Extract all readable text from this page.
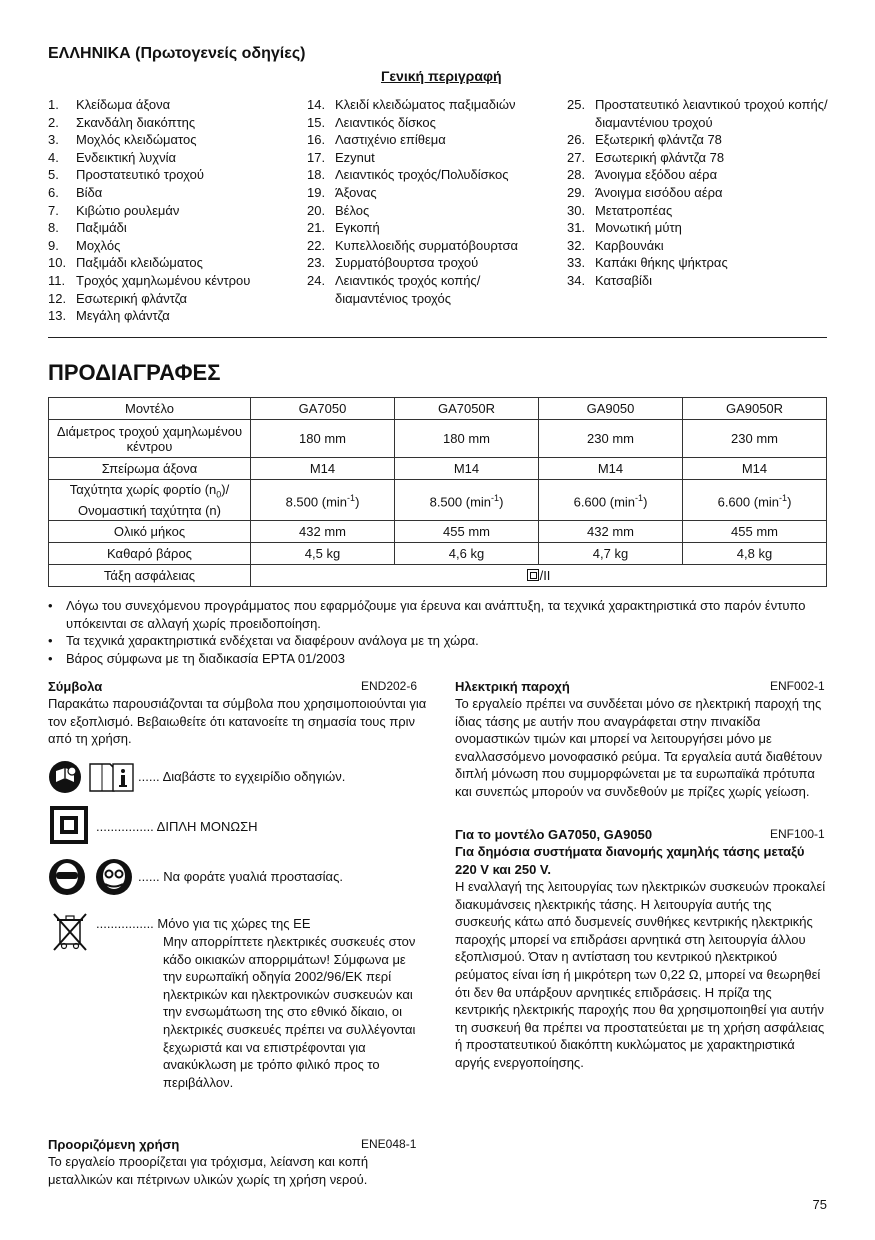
ΕΛΛΗΝΙΚΑ (Πρωτογενείς οδηγίες)
Γενική περιγραφή
1. Κλείδωμα άξονα
2. Σκανδάλη διακόπτης
3. Μοχλός κλειδώματος
4. Ενδεικτική λυχνία
5. Προστατευτικό τροχού
6. Βίδα
7. Κιβώτιο ρουλεμάν
8. Παξιμάδι
9. Μοχλός
10. Παξιμάδι κλειδώματος
11. Τροχός χαμηλωμένου κέντρου
12. Εσωτερική φλάντζα
13. Μεγάλη φλάντζα
14. Κλειδί κλειδώματος παξιμαδιών
15. Λειαντικός δίσκος
16. Λαστιχένιο επίθεμα
17. Ezynut
18. Λειαντικός τροχός/Πολυδίσκος
19. Άξονας
20. Βέλος
21. Εγκοπή
22. Κυπελλοειδής συρματόβουρτσα
23. Συρματόβουρτσα τροχού
24. Λειαντικός τροχός κοπής/ διαμαντένιος τροχός
25. Προστατευτικό λειαντικού τροχού κοπής/διαμαντένιου τροχού
26. Εξωτερική φλάντζα 78
27. Εσωτερική φλάντζα 78
28. Άνοιγμα εξόδου αέρα
29. Άνοιγμα εισόδου αέρα
30. Μετατροπέας
31. Μονωτική μύτη
32. Καρβουνάκι
33. Καπάκι θήκης ψήκτρας
34. Κατσαβίδι
ΠΡΟΔΙΑΓΡΑΦΕΣ
Μοντέλο	GA7050	GA7050R	GA9050	GA9050R
Διάμετρος τροχού χαμηλωμένου κέντρου	180 mm	180 mm	230 mm	230 mm
Σπείρωμα άξονα	M14	M14	M14	M14
Ταχύτητα χωρίς φορτίο $(n_0)/$
Ονομαστική ταχύτητα (n)	8.500 $(\min^{-1})$	8.500 $(\min^{-1})$	6.600 $(\min^{-1})$	6.600 $(\min^{-1})$
Ολικό μήκος	432 mm	455 mm	432 mm	455 mm
Καθαρό βάρος	4,5 kg	4,6 kg	4,7 kg	4,8 kg
Τάξη ασφάλειας	/II			
• Λόγω του συνεχόμενου προγράμματος που εφαρμόζουμε για έρευνα και ανάπτυξη, τα τεχνικά χαρακτηριστικά στο παρόν έντυπο υπόκεινται σε αλλαγή χωρίς προειδοποίηση.
• Τα τεχνικά χαρακτηριστικά ενδέχεται να διαφέρουν ανάλογα με τη χώρα.
• Βάρος σύμφωνα με τη διαδικασία EPTA 01/2003
Σύμβολα	END202-6
Παρακάτω παρουσιάζονται τα σύμβολα που χρησιμοποιούνται για τον εξοπλισμό. Βεβαιωθείτε ότι κατανοείτε τη σημασία τους πριν από τη χρήση.
...... Διαβάστε το εγχειρίδιο οδηγιών.
................ ΔΙΠΛΗ ΜΟΝΩΣΗ
...... Να φοράτε γυαλιά προστασίας.
................ Μόνο για τις χώρες της ΕΕ
Μην απορρίπτετε ηλεκτρικές συσκευές στον κάδο οικιακών απορριμάτων! Σύμφωνα με την ευρωπαϊκή οδηγία 2002/96/ΕΚ περί ηλεκτρικών και ηλεκτρονικών συσκευών και την ενσωμάτωση της στο εθνικό δίκαιο, οι ηλεκτρικές συσκευές πρέπει να συλλέγονται ξεχωριστά και να επιστρέφονται για ανακύκλωση με τρόπο φιλικό προς το περιβάλλον.
Προοριζόμενη χρήση	ENE048-1
Το εργαλείο προορίζεται για τρόχισμα, λείανση και κοπή μεταλλικών και πέτρινων υλικών χωρίς τη χρήση νερού.
Ηλεκτρική παροχή	ENF002-1
Το εργαλείο πρέπει να συνδέεται μόνο σε ηλεκτρική παροχή της ίδιας τάσης με αυτήν που αναγράφεται στην πινακίδα ονομαστικών τιμών και μπορεί να λειτουργήσει μόνο με εναλλασσόμενο μονοφασικό ρεύμα. Τα εργαλεία αυτά διαθέτουν διπλή μόνωση που συμμορφώνεται με τα ευρωπαϊκά πρότυπα και συνεπώς μπορούν να συνδεθούν με πρίζες χωρίς γείωση.
Για το μοντέλο GA7050, GA9050	ENF100-1
Για δημόσια συστήματα διανομής χαμηλής τάσης μεταξύ 220 V και 250 V.
Η εναλλαγή της λειτουργίας των ηλεκτρικών συσκευών προκαλεί διακυμάνσεις ηλεκτρικής τάσης. Η λειτουργία αυτής της συσκευής κάτω από δυσμενείς συνθήκες κεντρικής ηλεκτρικής παροχής μπορεί να επιδράσει αρνητικά στη λειτουργία άλλου εξοπλισμού. Όταν η αντίσταση του κεντρικού ηλεκτρικού ρεύματος είναι ίση ή μικρότερη των 0,22 Ω, μπορεί να θεωρηθεί ότι δεν θα υπάρξουν αρνητικές επιδράσεις. Η πρίζα της κεντρικής ηλεκτρικής παροχής που θα χρησιμοποιηθεί για αυτήν τη συσκευή θα πρέπει να προστατεύεται με τη χρήση ασφάλειας ή προστατευτικού διακόπτη κυκλώματος με χαρακτηριστικά αργής ενεργοποίησης.
75
